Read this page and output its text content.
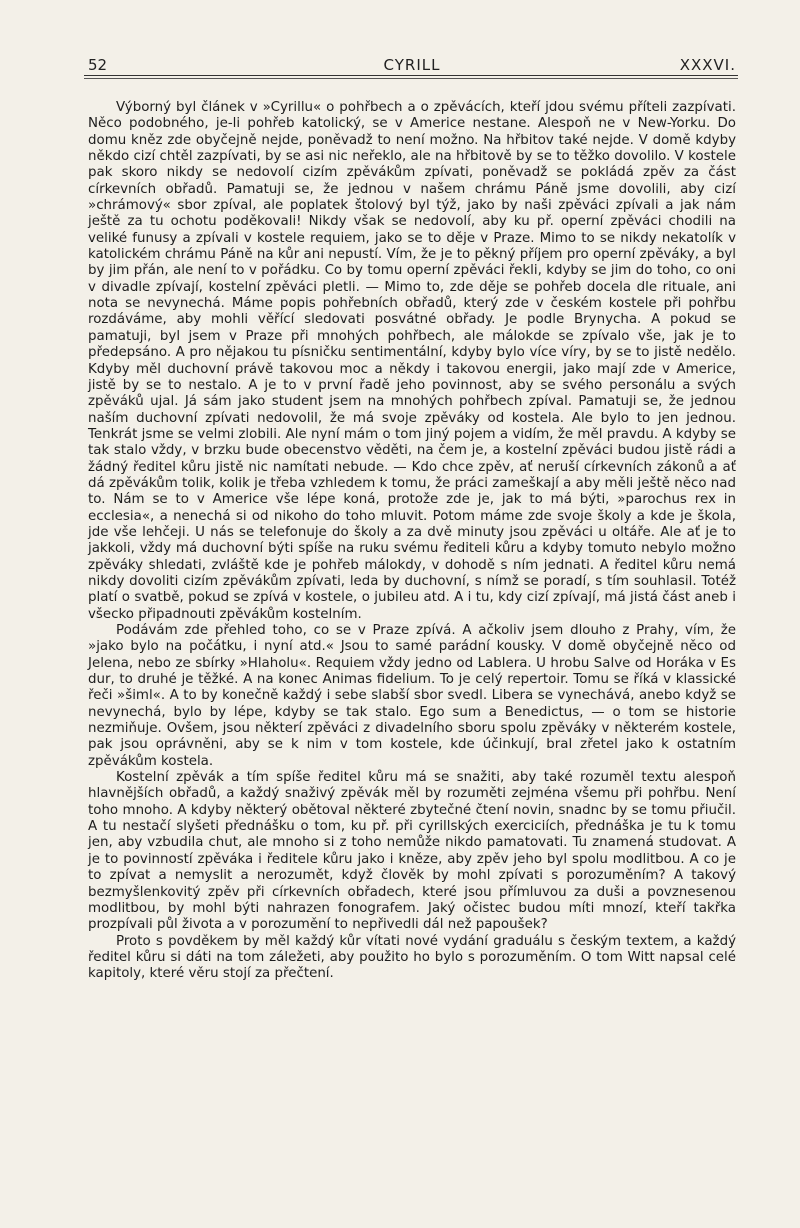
52	CYRILL	XXXVI.

Výborný byl článek v »Cyrillu« o pohřbech a o zpěvácích, kteří jdou svému příteli zazpívati. Něco podobného, je-li pohřeb katolický, se v Americe nestane. Alespoň ne v New-Yorku. Do domu kněz zde obyčejně nejde, poněvadž to není možno. Na hřbitov také nejde. V domě kdyby někdo cizí chtěl zazpívati, by se asi nic neřeklo, ale na hřbitově by se to těžko dovolilo. V kostele pak skoro nikdy se nedovolí cizím zpěvákům zpívati, poněvadž se pokládá zpěv za část církevních obřadů. Pamatuji se, že jednou v našem chrámu Páně jsme dovolili, aby cizí »chrámový« sbor zpíval, ale poplatek štolový byl týž, jako by naši zpěváci zpívali a jak nám ještě za tu ochotu poděkovali! Nikdy však se nedovolí, aby ku př. operní zpěváci chodili na veliké funusy a zpívali v kostele requiem, jako se to děje v Praze. Mimo to se nikdy nekatolík v katolickém chrámu Páně na kůr ani nepustí. Vím, že je to pěkný příjem pro operní zpěváky, a byl by jim přán, ale není to v pořádku. Co by tomu operní zpěváci řekli, kdyby se jim do toho, co oni v divadle zpívají, kostelní zpěváci pletli. — Mimo to, zde děje se pohřeb docela dle rituale, ani nota se nevynechá. Máme popis pohřebních obřadů, který zde v českém kostele při pohřbu rozdáváme, aby mohli věřící sledovati posvátné obřady. Je podle Brynycha. A pokud se pamatuji, byl jsem v Praze při mnohých pohřbech, ale málokde se zpívalo vše, jak je to předepsáno. A pro nějakou tu písničku sentimentální, kdyby bylo více víry, by se to jistě nedělo. Kdyby měl duchovní právě takovou moc a někdy i takovou energii, jako mají zde v Americe, jistě by se to nestalo. A je to v první řadě jeho povinnost, aby se svého personálu a svých zpěváků ujal. Já sám jako student jsem na mnohých pohřbech zpíval. Pamatuji se, že jednou naším duchovní zpívati nedovolil, že má svoje zpěváky od kostela. Ale bylo to jen jednou. Tenkrát jsme se velmi zlobili. Ale nyní mám o tom jiný pojem a vidím, že měl pravdu. A kdyby se tak stalo vždy, v brzku bude obecenstvo věděti, na čem je, a kostelní zpěváci budou jistě rádi a žádný ředitel kůru jistě nic namítati nebude. — Kdo chce zpěv, ať neruší církevních zákonů a ať dá zpěvákům tolik, kolik je třeba vzhledem k tomu, že práci zameškají a aby měli ještě něco nad to. Nám se to v Americe vše lépe koná, protože zde je, jak to má býti, »parochus rex in ecclesia«, a nenechá si od nikoho do toho mluvit. Potom máme zde svoje školy a kde je škola, jde vše lehčeji. U nás se telefonuje do školy a za dvě minuty jsou zpěváci u oltáře. Ale ať je to jakkoli, vždy má duchovní býti spíše na ruku svému řediteli kůru a kdyby tomuto nebylo možno zpěváky shledati, zvláště kde je pohřeb málokdy, v dohodě s ním jednati. A ředitel kůru nemá nikdy dovoliti cizím zpěvákům zpívati, leda by duchovní, s nímž se poradí, s tím souhlasil. Totéž platí o svatbě, pokud se zpívá v kostele, o jubileu atd. A i tu, kdy cizí zpívají, má jistá část aneb i všecko připadnouti zpěvákům kostelním.

Podávám zde přehled toho, co se v Praze zpívá. A ačkoliv jsem dlouho z Prahy, vím, že »jako bylo na počátku, i nyní atd.« Jsou to samé parádní kousky. V domě obyčejně něco od Jelena, nebo ze sbírky »Hlaholu«. Requiem vždy jedno od Lablera. U hrobu Salve od Horáka v Es dur, to druhé je těžké. A na konec Animas fidelium. To je celý repertoir. Tomu se říká v klassické řeči »šiml«. A to by konečně každý i sebe slabší sbor svedl. Libera se vynechává, anebo když se nevynechá, bylo by lépe, kdyby se tak stalo. Ego sum a Benedictus, — o tom se historie nezmiňuje. Ovšem, jsou některí zpěváci z divadelního sboru spolu zpěváky v některém kostele, pak jsou oprávněni, aby se k nim v tom kostele, kde účinkují, bral zřetel jako k ostatním zpěvákům kostela.

Kostelní zpěvák a tím spíše ředitel kůru má se snažiti, aby také rozuměl textu alespoň hlavnějších obřadů, a každý snaživý zpěvák měl by rozuměti zejména všemu při pohřbu. Není toho mnoho. A kdyby některý obětoval některé zbytečné čtení novin, snadnc by se tomu přiučil. A tu nestačí slyšeti přednášku o tom, ku př. při cyrillských exerciciích, přednáška je tu k tomu jen, aby vzbudila chut, ale mnoho si z toho nemůže nikdo pamatovati. Tu znamená studovat. A je to povinností zpěváka i ředitele kůru jako i kněze, aby zpěv jeho byl spolu modlitbou. A co je to zpívat a nemyslit a nerozumět, když člověk by mohl zpívati s porozuměním? A takový bezmyšlenkovitý zpěv při církevních obřadech, které jsou přímluvou za duši a povznesenou modlitbou, by mohl býti nahrazen fonografem. Jaký očistec budou míti mnozí, kteří takřka prozpívali půl života a v porozumění to nepřivedli dál než papoušek?

Proto s povděkem by měl každý kůr vítati nové vydání graduálu s českým textem, a každý ředitel kůru si dáti na tom záležeti, aby použito ho bylo s porozuměním. O tom Witt napsal celé kapitoly, které věru stojí za přečtení.
